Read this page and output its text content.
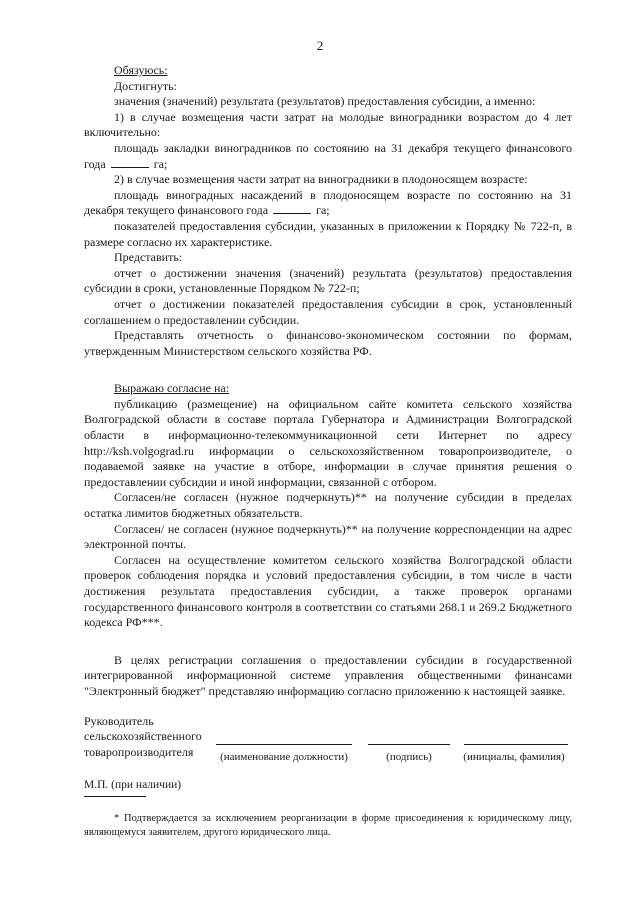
2

Обязуюсь:

Достигнуть:

значения (значений) результата (результатов) предоставления субсидии, а именно:

1) в случае возмещения части затрат на молодые виноградники возрастом до 4 лет включительно:

площадь закладки виноградников по состоянию на 31 декабря текущего финансового года	га;

2) в случае возмещения части затрат на виноградники в плодоносящем возрасте:

площадь виноградных насаждений в плодоносящем возрасте по состоянию на 31 декабря текущего финансового года	га;

показателей предоставления субсидии, указанных в приложении к Порядку № 722-п, в размере согласно их характеристике.

Представить:

отчет о достижении значения (значений) результата (результатов) предоставления субсидии в сроки, установленные Порядком № 722-п;

отчет о достижении показателей предоставления субсидии в срок, установленный соглашением о предоставлении субсидии.

Представлять отчетность о финансово-экономическом состоянии по формам, утвержденным Министерством сельского хозяйства РФ.

Выражаю согласие на:

публикацию (размещение) на официальном сайте комитета сельского хозяйства Волгоградской области в составе портала Губернатора и Администрации Волгоградской области в информационно-телекоммуникационной сети Интернет по адресу http://ksh.volgograd.ru информации о сельскохозяйственном товаропроизводителе, о подаваемой заявке на участие в отборе, информации в случае принятия решения о предоставлении субсидии и иной информации, связанной с отбором.

Согласен/не согласен (нужное подчеркнуть)** на получение субсидии в пределах остатка лимитов бюджетных обязательств.

Согласен/ не согласен (нужное подчеркнуть)** на получение корреспонденции на адрес электронной почты.

Согласен на осуществление комитетом сельского хозяйства Волгоградской области проверок соблюдения порядка и условий предоставления субсидии, в том числе в части достижения результата предоставления субсидии, а также проверок органами государственного финансового контроля в соответствии со статьями 268.1 и 269.2 Бюджетного кодекса РФ***.

В целях регистрации соглашения о предоставлении субсидии в государственной интегрированной информационной системе управления общественными финансами "Электронный бюджет" представляю информацию согласно приложению к настоящей заявке.

Руководитель сельскохозяйственного товаропроизводителя	(наименование должности)	(подпись)	(инициалы, фамилия)

М.П. (при наличии)

* Подтверждается за исключением реорганизации в форме присоединения к юридическому лицу, являющемуся заявителем, другого юридического лица.
